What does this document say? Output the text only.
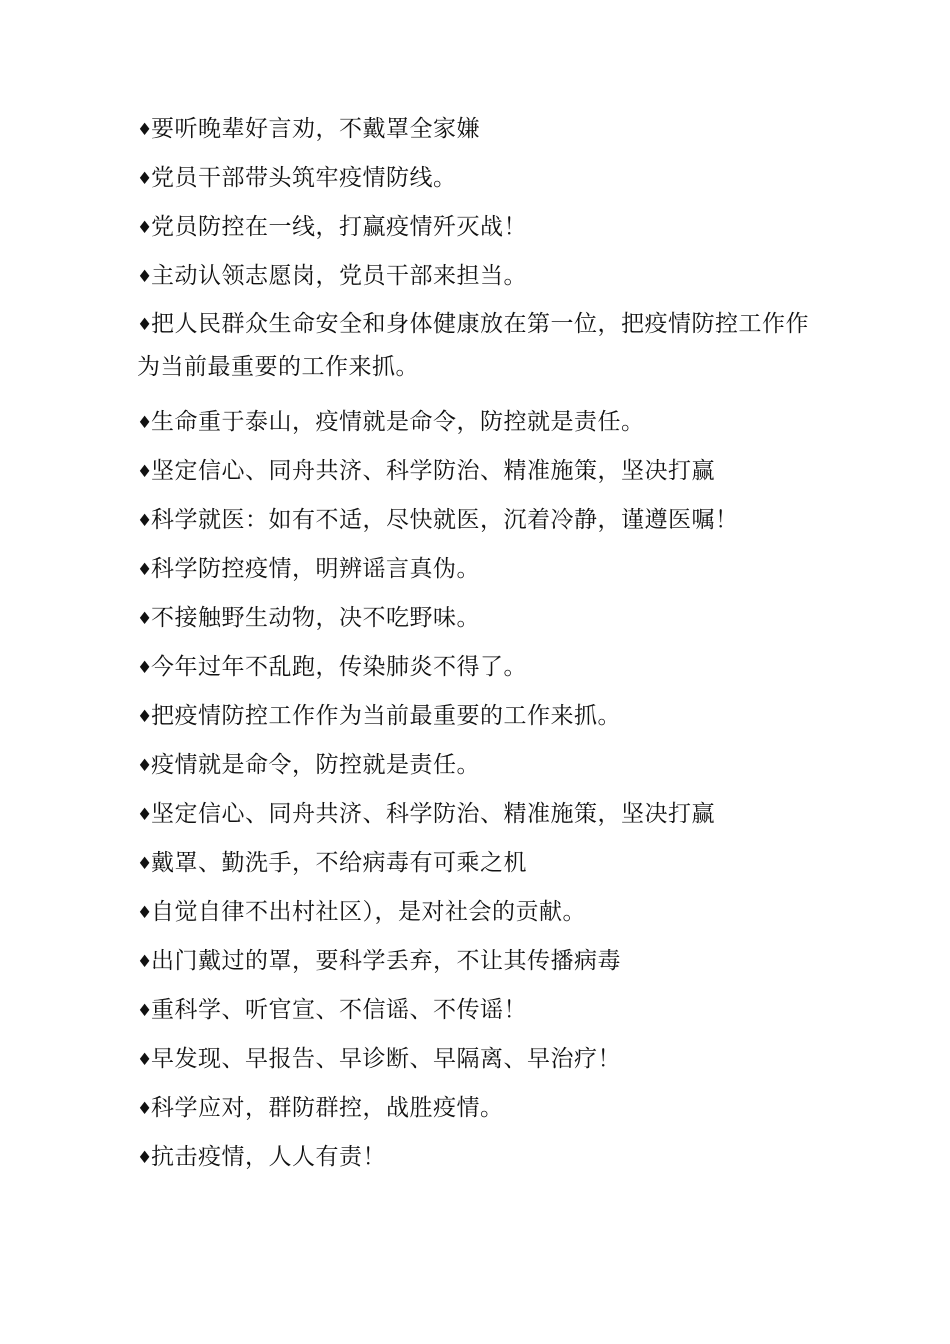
♦要听晚辈好言劝，不戴罩全家嫌
♦党员干部带头筑牢疫情防线。
♦党员防控在一线，打赢疫情歼灭战！
♦主动认领志愿岗，党员干部来担当。
♦把人民群众生命安全和身体健康放在第一位，把疫情防控工作作为当前最重要的工作来抓。
♦生命重于泰山，疫情就是命令，防控就是责任。
♦坚定信心、同舟共济、科学防治、精准施策，坚决打赢
♦科学就医：如有不适，尽快就医，沉着冷静，谨遵医嘱！
♦科学防控疫情，明辨谣言真伪。
♦不接触野生动物，决不吃野味。
♦今年过年不乱跑，传染肺炎不得了。
♦把疫情防控工作作为当前最重要的工作来抓。
♦疫情就是命令，防控就是责任。
♦坚定信心、同舟共济、科学防治、精准施策，坚决打赢
♦戴罩、勤洗手，不给病毒有可乘之机
♦自觉自律不出村社区），是对社会的贡献。
♦出门戴过的罩，要科学丢弃，不让其传播病毒
♦重科学、听官宣、不信谣、不传谣！
♦早发现、早报告、早诊断、早隔离、早治疗！
♦科学应对，群防群控，战胜疫情。
♦抗击疫情，人人有责！
